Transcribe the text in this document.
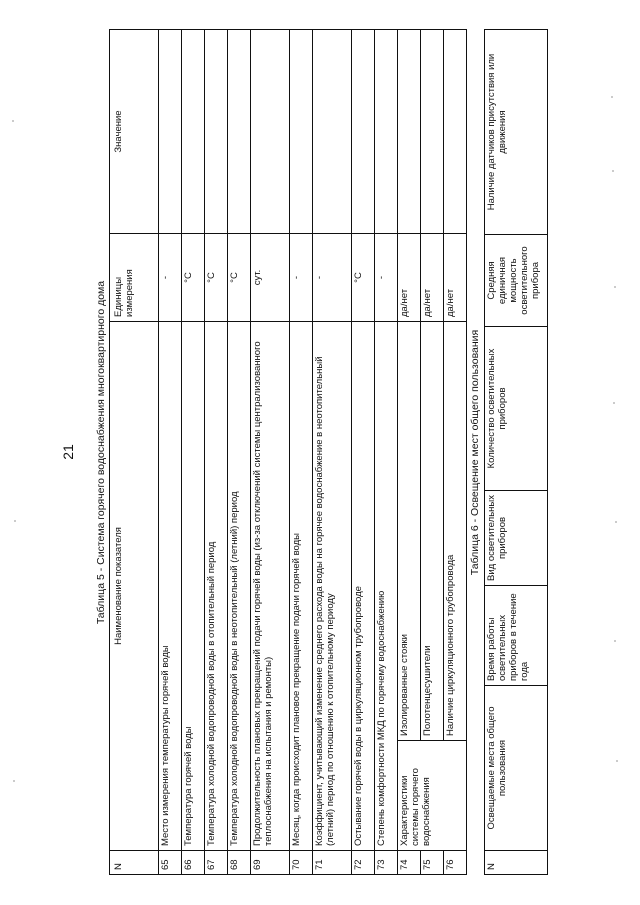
21 Таблица 5 - Система горячего водоснабжения многоквартирного дома
N	Наименование показателя		Единицы измерения	Значение
65	Место измерения температуры горячей воды		-	
66	Температура горячей воды		°C	
67	Температура холодной водопроводной воды в отопительный период		°C	
68	Температура холодной водопроводной воды в неотопительный (летний) период		°C	
69	Продолжительность плановых прекращений подачи горячей воды (из-за отключений системы централизованного теплоснабжения на испытания и ремонты)		сут.	
70	Месяц, когда происходит плановое прекращение подачи горячей воды		-	
71	Коэффициент, учитывающий изменение среднего расхода воды на горячее водоснабжение в неотопительный (летний) период по отношению к отопительному периоду		-	
72	Остывание горячей воды в циркуляционном трубопроводе		°C	
73	Степень комфортности МКД по горячему водоснабжению		-	
74	Характеристики системы горячего водоснабжения	Изолированные стояки	да/нет	
75		Полотенцесушители	да/нет	
76		Наличие циркуляционного трубопровода	да/нет	
Таблица 6 - Освещение мест общего пользования
N	Освещаемые места общего пользования	Время работы осветительных приборов в течение года	Вид осветительных приборов	Количество осветительных приборов	Средняя единичная мощность осветительного прибора	Наличие датчиков присутствия или движения
